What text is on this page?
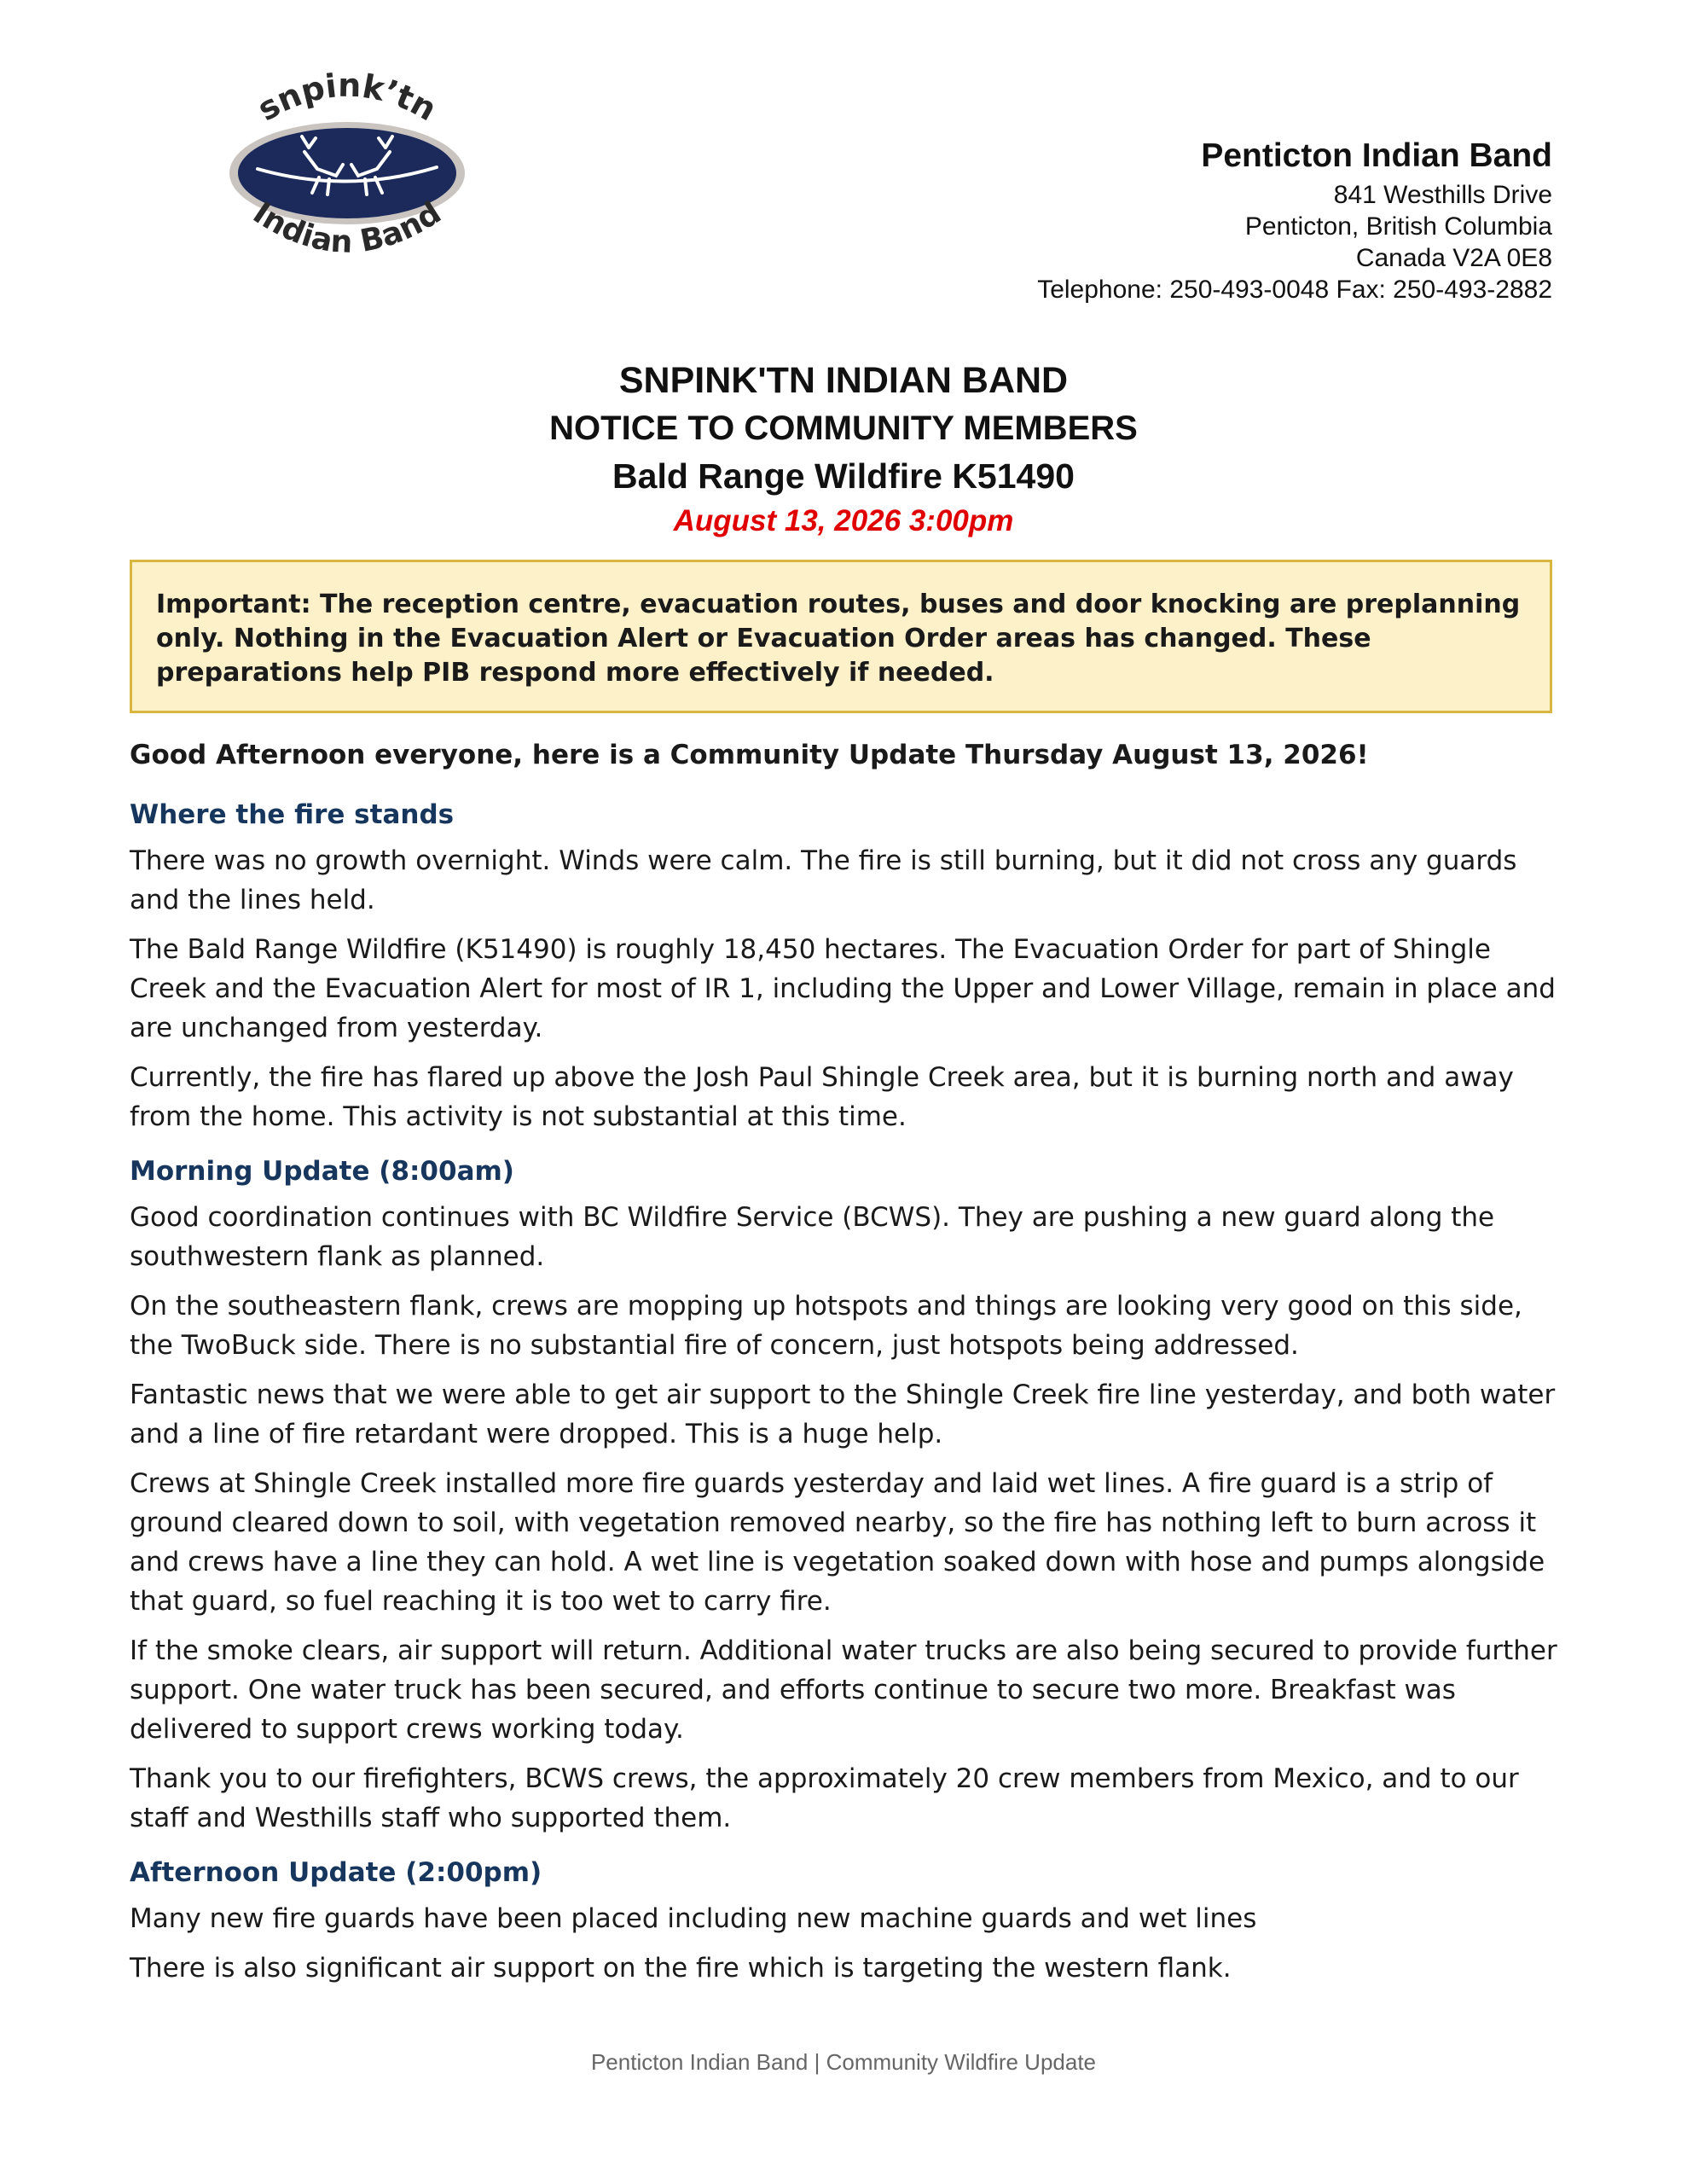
snpink’tn
Indian Band
Penticton Indian Band
841 Westhills Drive
Penticton, British Columbia
Canada V2A 0E8
Telephone: 250-493-0048 Fax: 250-493-2882
SNPINK'TN INDIAN BAND
NOTICE TO COMMUNITY MEMBERS
Bald Range Wildfire K51490
August 13, 2026 3:00pm
Important: The reception centre, evacuation routes, buses and door knocking are preplanning only. Nothing in the Evacuation Alert or Evacuation Order areas has changed. These preparations help PIB respond more effectively if needed.

Good Afternoon everyone, here is a Community Update Thursday August 13, 2026!

Where the fire stands

There was no growth overnight. Winds were calm. The fire is still burning, but it did not cross any guards and the lines held.

The Bald Range Wildfire (K51490) is roughly 18,450 hectares. The Evacuation Order for part of Shingle Creek and the Evacuation Alert for most of IR 1, including the Upper and Lower Village, remain in place and are unchanged from yesterday.

Currently, the fire has flared up above the Josh Paul Shingle Creek area, but it is burning north and away from the home. This activity is not substantial at this time.

Morning Update (8:00am)

Good coordination continues with BC Wildfire Service (BCWS). They are pushing a new guard along the southwestern flank as planned.

On the southeastern flank, crews are mopping up hotspots and things are looking very good on this side, the TwoBuck side. There is no substantial fire of concern, just hotspots being addressed.

Fantastic news that we were able to get air support to the Shingle Creek fire line yesterday, and both water and a line of fire retardant were dropped. This is a huge help.

Crews at Shingle Creek installed more fire guards yesterday and laid wet lines. A fire guard is a strip of ground cleared down to soil, with vegetation removed nearby, so the fire has nothing left to burn across it and crews have a line they can hold. A wet line is vegetation soaked down with hose and pumps alongside that guard, so fuel reaching it is too wet to carry fire.

If the smoke clears, air support will return. Additional water trucks are also being secured to provide further support. One water truck has been secured, and efforts continue to secure two more. Breakfast was delivered to support crews working today.

Thank you to our firefighters, BCWS crews, the approximately 20 crew members from Mexico, and to our staff and Westhills staff who supported them.

Afternoon Update (2:00pm)

Many new fire guards have been placed including new machine guards and wet lines

There is also significant air support on the fire which is targeting the western flank.

Penticton Indian Band | Community Wildfire Update
